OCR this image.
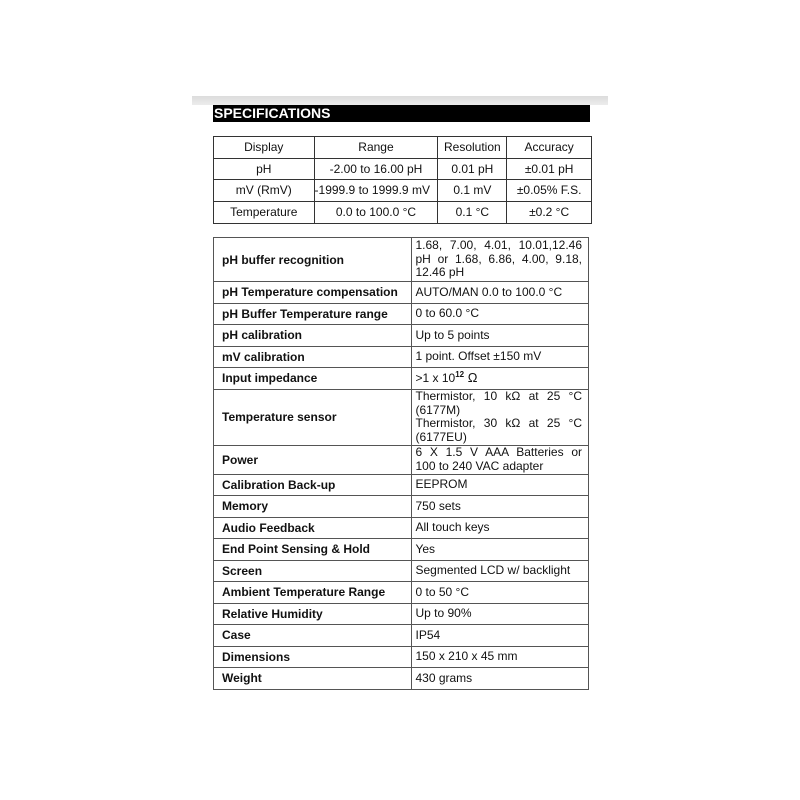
SPECIFICATIONS
Display	Range	Resolution	Accuracy
pH	-2.00 to 16.00 pH	0.01 pH	±0.01 pH
mV (RmV)	-1999.9 to 1999.9 mV	0.1 mV	±0.05% F.S.
Temperature	0.0 to 100.0 °C	0.1 °C	±0.2 °C
pH buffer recognition	1.68, 7.00, 4.01, 10.01,12.46
pH or 1.68, 6.86, 4.00, 9.18,
12.46 pH

pH Temperature compensation	AUTO/MAN 0.0 to 100.0 °C
pH Buffer Temperature range	0 to 60.0 °C
pH calibration	Up to 5 points
mV calibration	1 point. Offset ±150 mV
Input impedance	>1 x $10^{12}$ Ω
Temperature sensor	Thermistor, 10 kΩ at 25 °C
(6177M)
Thermistor, 30 kΩ at 25 °C
(6177EU)

Power	6 X 1.5 V AAA Batteries or
100 to 240 VAC adapter

Calibration Back-up	EEPROM
Memory	750 sets
Audio Feedback	All touch keys
End Point Sensing & Hold	Yes
Screen	Segmented LCD w/ backlight
Ambient Temperature Range	0 to 50 °C
Relative Humidity	Up to 90%
Case	IP54
Dimensions	150 x 210 x 45 mm
Weight	430 grams
